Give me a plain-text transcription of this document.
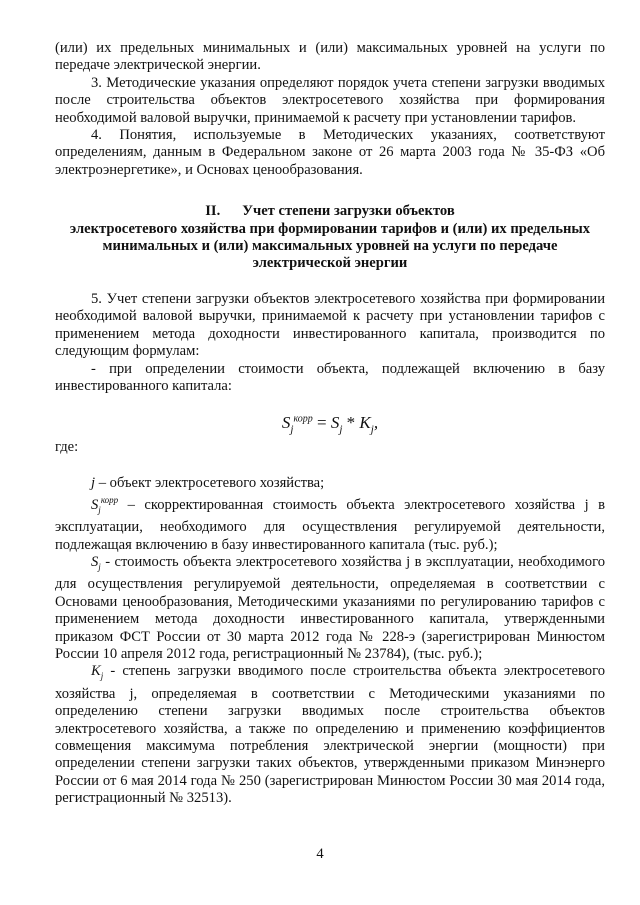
(или) их предельных минимальных и (или) максимальных уровней на услуги по передаче электрической энергии.

3. Методические указания определяют порядок учета степени загрузки вводимых после строительства объектов электросетевого хозяйства при формирования необходимой валовой выручки, принимаемой к расчету при установлении тарифов.

4. Понятия, используемые в Методических указаниях, соответствуют определениям, данным в Федеральном законе от 26 марта 2003 года № 35-ФЗ «Об электроэнергетике», и Основах ценообразования.

II. Учет степени загрузки объектов
электросетевого хозяйства при формировании тарифов и (или) их предельных минимальных и (или) максимальных уровней на услуги по передаче электрической энергии

5. Учет степени загрузки объектов электросетевого хозяйства при формировании необходимой валовой выручки, принимаемой к расчету при установлении тарифов с применением метода доходности инвестированного капитала, производится по следующим формулам:

- при определении стоимости объекта, подлежащей включению в базу инвестированного капитала:

$S_j^{корр} = S_j * K_j$,

где:

j – объект электросетевого хозяйства;

$S_j^{корр}$ – скорректированная стоимость объекта электросетевого хозяйства j в эксплуатации, необходимого для осуществления регулируемой деятельности, подлежащая включению в базу инвестированного капитала (тыс. руб.);

$S_j$ - стоимость объекта электросетевого хозяйства j в эксплуатации, необходимого для осуществления регулируемой деятельности, определяемая в соответствии с Основами ценообразования, Методическими указаниями по регулированию тарифов с применением метода доходности инвестированного капитала, утвержденными приказом ФСТ России от 30 марта 2012 года № 228-э (зарегистрирован Минюстом России 10 апреля 2012 года, регистрационный № 23784), (тыс. руб.);

$K_j$ - степень загрузки вводимого после строительства объекта электросетевого хозяйства j, определяемая в соответствии с Методическими указаниями по определению степени загрузки вводимых после строительства объектов электросетевого хозяйства, а также по определению и применению коэффициентов совмещения максимума потребления электрической энергии (мощности) при определении степени загрузки таких объектов, утвержденными приказом Минэнерго России от 6 мая 2014 года № 250 (зарегистрирован Минюстом России 30 мая 2014 года, регистрационный № 32513).

4
